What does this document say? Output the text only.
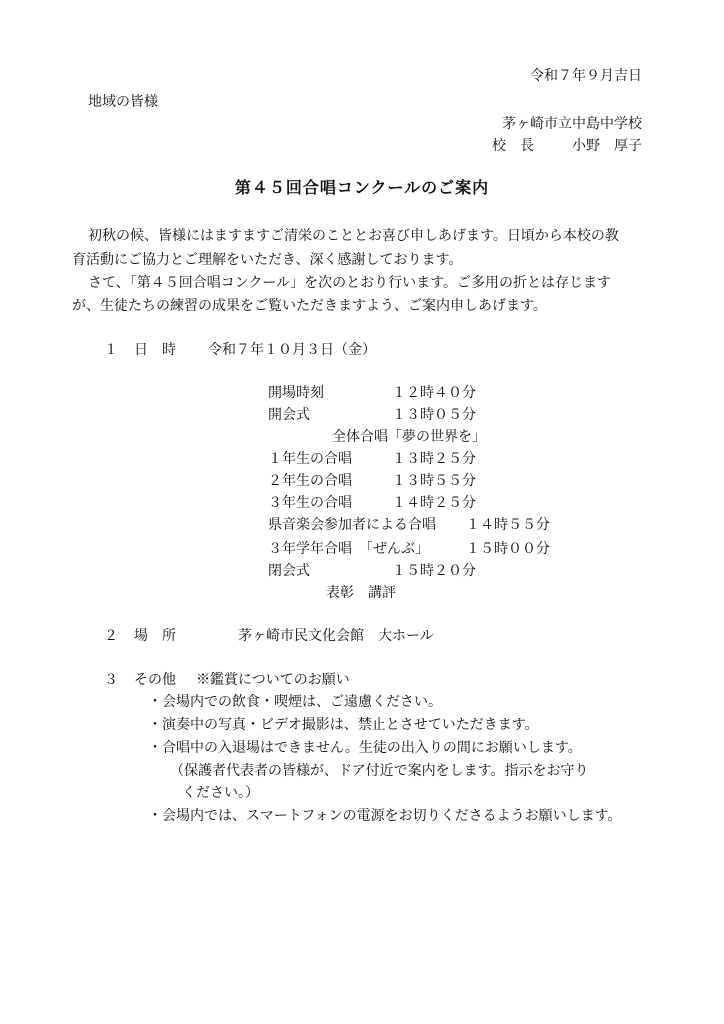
令和７年９月吉日
地域の皆様
茅ヶ崎市立中島中学校
校　長	小野　厚子
第４５回合唱コンクールのご案内
初秋の候、皆様にはますますご清栄のこととお喜び申しあげます。日頃から本校の教
育活動にご協力とご理解をいただき、深く感謝しております。
さて、「第４５回合唱コンクール」を次のとおり行います。ご多用の折とは存じます
が、生徒たちの練習の成果をご覧いただきますよう、ご案内申しあげます。
１ 日　時 令和７年１０月３日（金）
開場時刻	１２時４０分
開会式	１３時０５分
全体合唱「夢の世界を」
１年生の合唱	１３時２５分
２年生の合唱	１３時５５分
３年生の合唱	１４時２５分
県音楽会参加者による合唱 １４時５５分
３年学年合唱　「ぜんぶ」	１５時００分
閉会式	１５時２０分
表彰　講評
２ 場　所	茅ヶ崎市民文化会館　大ホール
３ その他 ※鑑賞についてのお願い
・会場内での飲食・喫煙は、ご遠慮ください。
・演奏中の写真・ビデオ撮影は、禁止とさせていただきます。
・合唱中の入退場はできません。生徒の出入りの間にお願いします。
（保護者代表者の皆様が、ドア付近で案内をします。指示をお守り
ください。）
・会場内では、スマートフォンの電源をお切りくださるようお願いします。
